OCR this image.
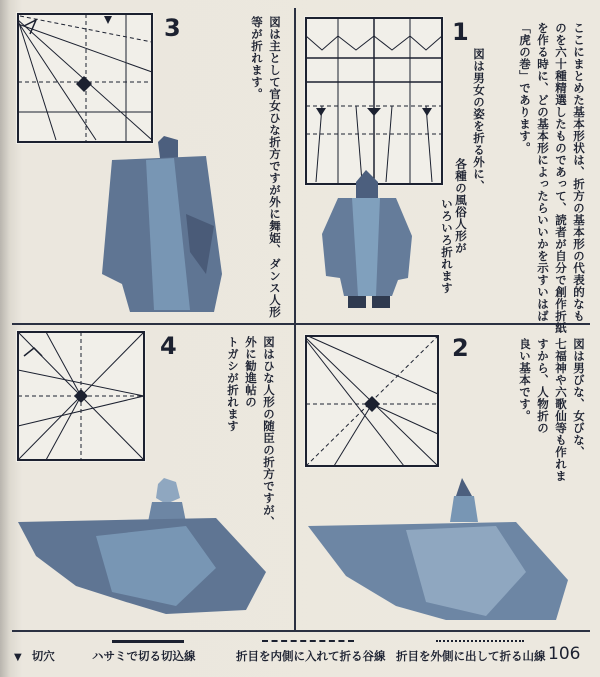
1
図は男女の姿を折る外に、
各種の風俗人形が
いろいろ折れます	ここにまとめた基本形状は、折方の基本形の代表的なも
のを六十種精選したものであって、読者が自分で創作折紙
を作る時に、どの基本形によったらいいかを示すいはば
「虎の巻」であります。
3	図は主として官女ひな折方ですが外に舞姫、
ダンス人形
等が折れます。
4	図はひな人形の随臣の折方ですが、
外に勧進帖の
トガシが折れます	2	図は男びな、女びな、
七福神や六歌仙等も作れま
すから、人物折の
良い基本です。
▼ 切穴	ハサミで切る切込線	折目を内側に入れて折る谷線 折目を外側に出して折る山線 106
